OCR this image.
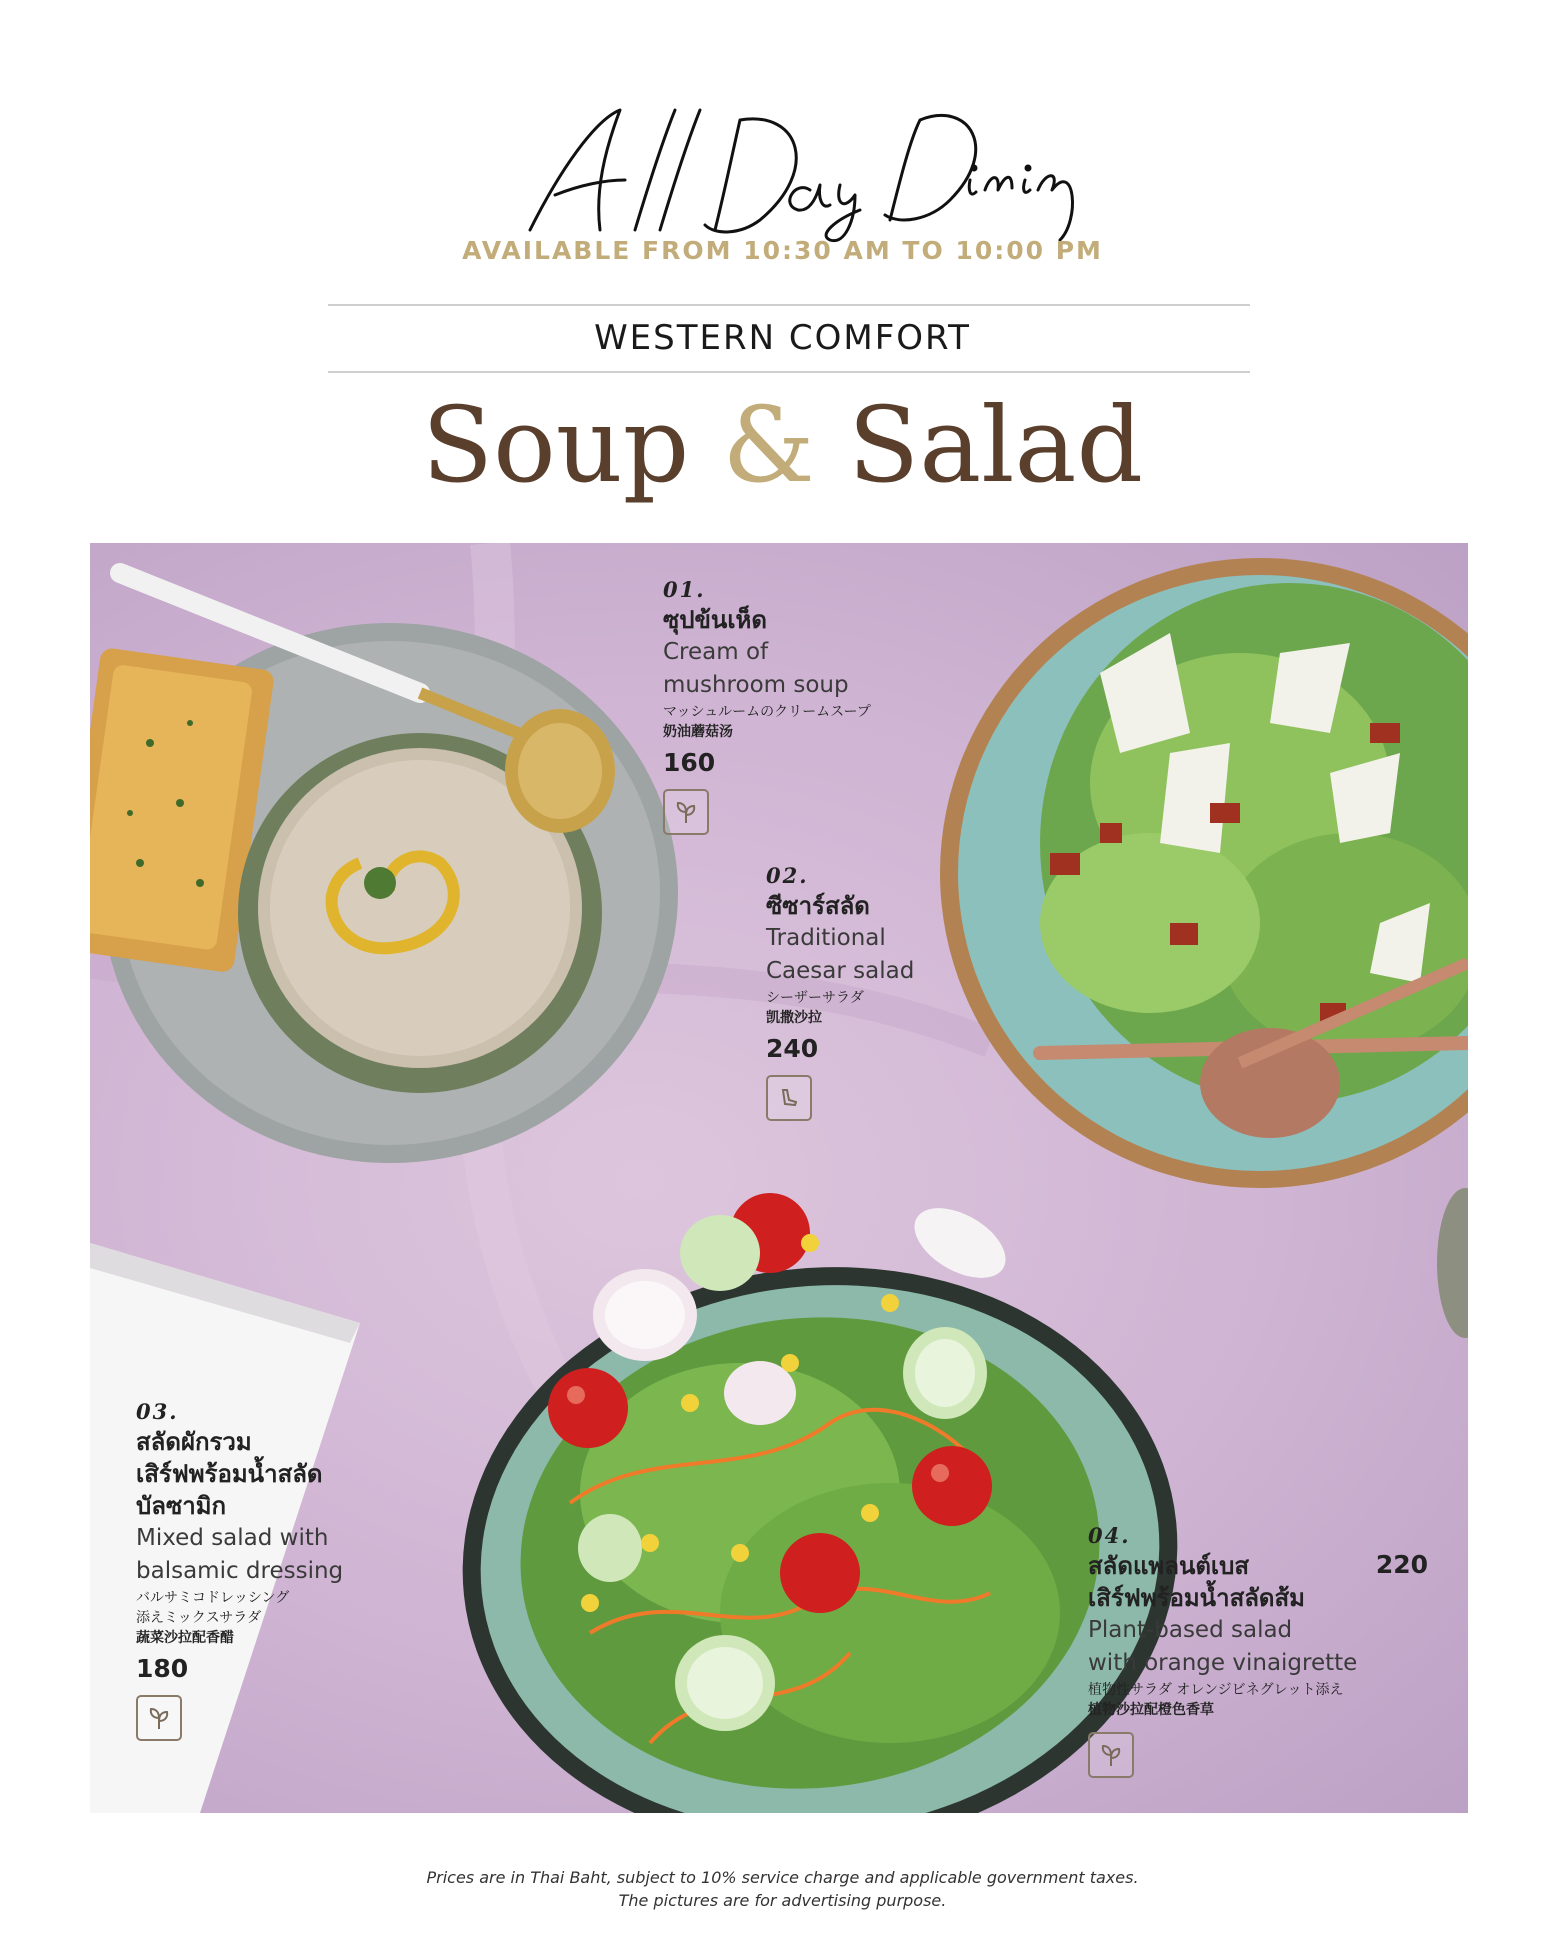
AVAILABLE FROM 10:30 AM TO 10:00 PM
WESTERN COMFORT
Soup & Salad
01.
ซุปข้นเห็ด
Cream of
mushroom soup
マッシュルームのクリームスープ
奶油蘑菇汤
160
02.
ซีซาร์สลัด
Traditional
Caesar salad
シーザーサラダ
凯撒沙拉
240
03.
สลัดผักรวม
เสิร์ฟพร้อมน้ำสลัด
บัลซามิก
Mixed salad with
balsamic dressing
バルサミコドレッシング
添えミックスサラダ
蔬菜沙拉配香醋
180
04.
สลัดแพลนต์เบส
เสิร์ฟพร้อมน้ำสลัดส้ม
220
Plant-based salad
with orange vinaigrette
植物性サラダ オレンジビネグレット添え
植物沙拉配橙色香草
Prices are in Thai Baht, subject to 10% service charge and applicable government taxes.
The pictures are for advertising purpose.
